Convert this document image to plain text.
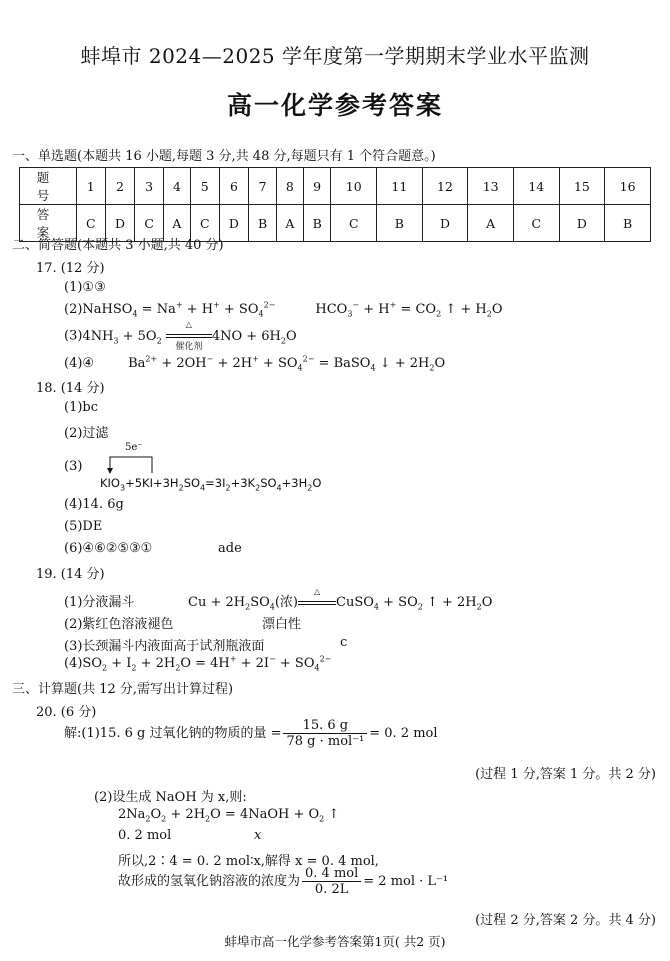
蚌埠市 2024—2025 学年度第一学期期末学业水平监测
高一化学参考答案
一、单选题(本题共 16 小题,每题 3 分,共 48 分,每题只有 1 个符合题意。)
题 号	1	2	3	4	5	6	7	8	9	10	11	12	13	14	15	16
答 案	C	D	C	A	C	D	B	A	B	C	B	D	A	C	D	B
二、简答题(本题共 3 小题,共 40 分)
17. (12 分)
(1)①③
(2)NaHSO$_4$ = $Na^+ + H^+ + SO_4^{2-}$	$HCO_3^- + H^+ = CO_2$ ↑ + $H_2O$
$(3)4NH_3 + 5O_2$
△
催化剂
$4NO + 6H_2O$
(4)④	$Ba^{2+} + 2OH^- + 2H^+ + SO_4^{2-}$ = BaSO$_4$ ↓ + $2H_2O$
18. (14 分)
(1)bc
(2)过滤
5e⁻
(3)
$KIO_3+5KI+3H_2SO_4=3I_2+3K_2SO_4+3H_2O$
(4)14. 6g
(5)DE
(6)④⑥②⑤③①	ade
19. (14 分)
(1)分液漏斗	$Cu + 2H_2SO_4$(浓)
△
CuSO$_4$ + $SO_2$ ↑ + $2H_2O$
(2)紫红色溶液褪色	漂白性
(3)长颈漏斗内液面高于试剂瓶液面	c
$(4)SO_2 + I_2 + 2H_2O = 4H^+ + 2I^- + SO_4^{2-}$
三、计算题(共 12 分,需写出计算过程)
20. (6 分)
解:(1)15. 6 g 过氧化钠的物质的量 = $\frac{15. 6 g}{\text{78 g · mol⁻¹}} = 0$. 2 mol
(过程 1 分,答案 1 分。共 2 分)
(2)设生成 NaOH 为 x,则:
$2Na_2O_2 + 2H_2O$ = 4NaOH + $O_2$ ↑
0. 2 mol	x
所以,2∶4 = 0. 2 mol∶x,解得 x = 0. 4 mol,
故形成的氢氧化钠溶液的浓度为 $\frac{\text{0. 4 mol}}{0. 2L} = 2$ mol · L⁻¹
(过程 2 分,答案 2 分。共 4 分)
蚌埠市高一化学参考答案第1页( 共2 页)
